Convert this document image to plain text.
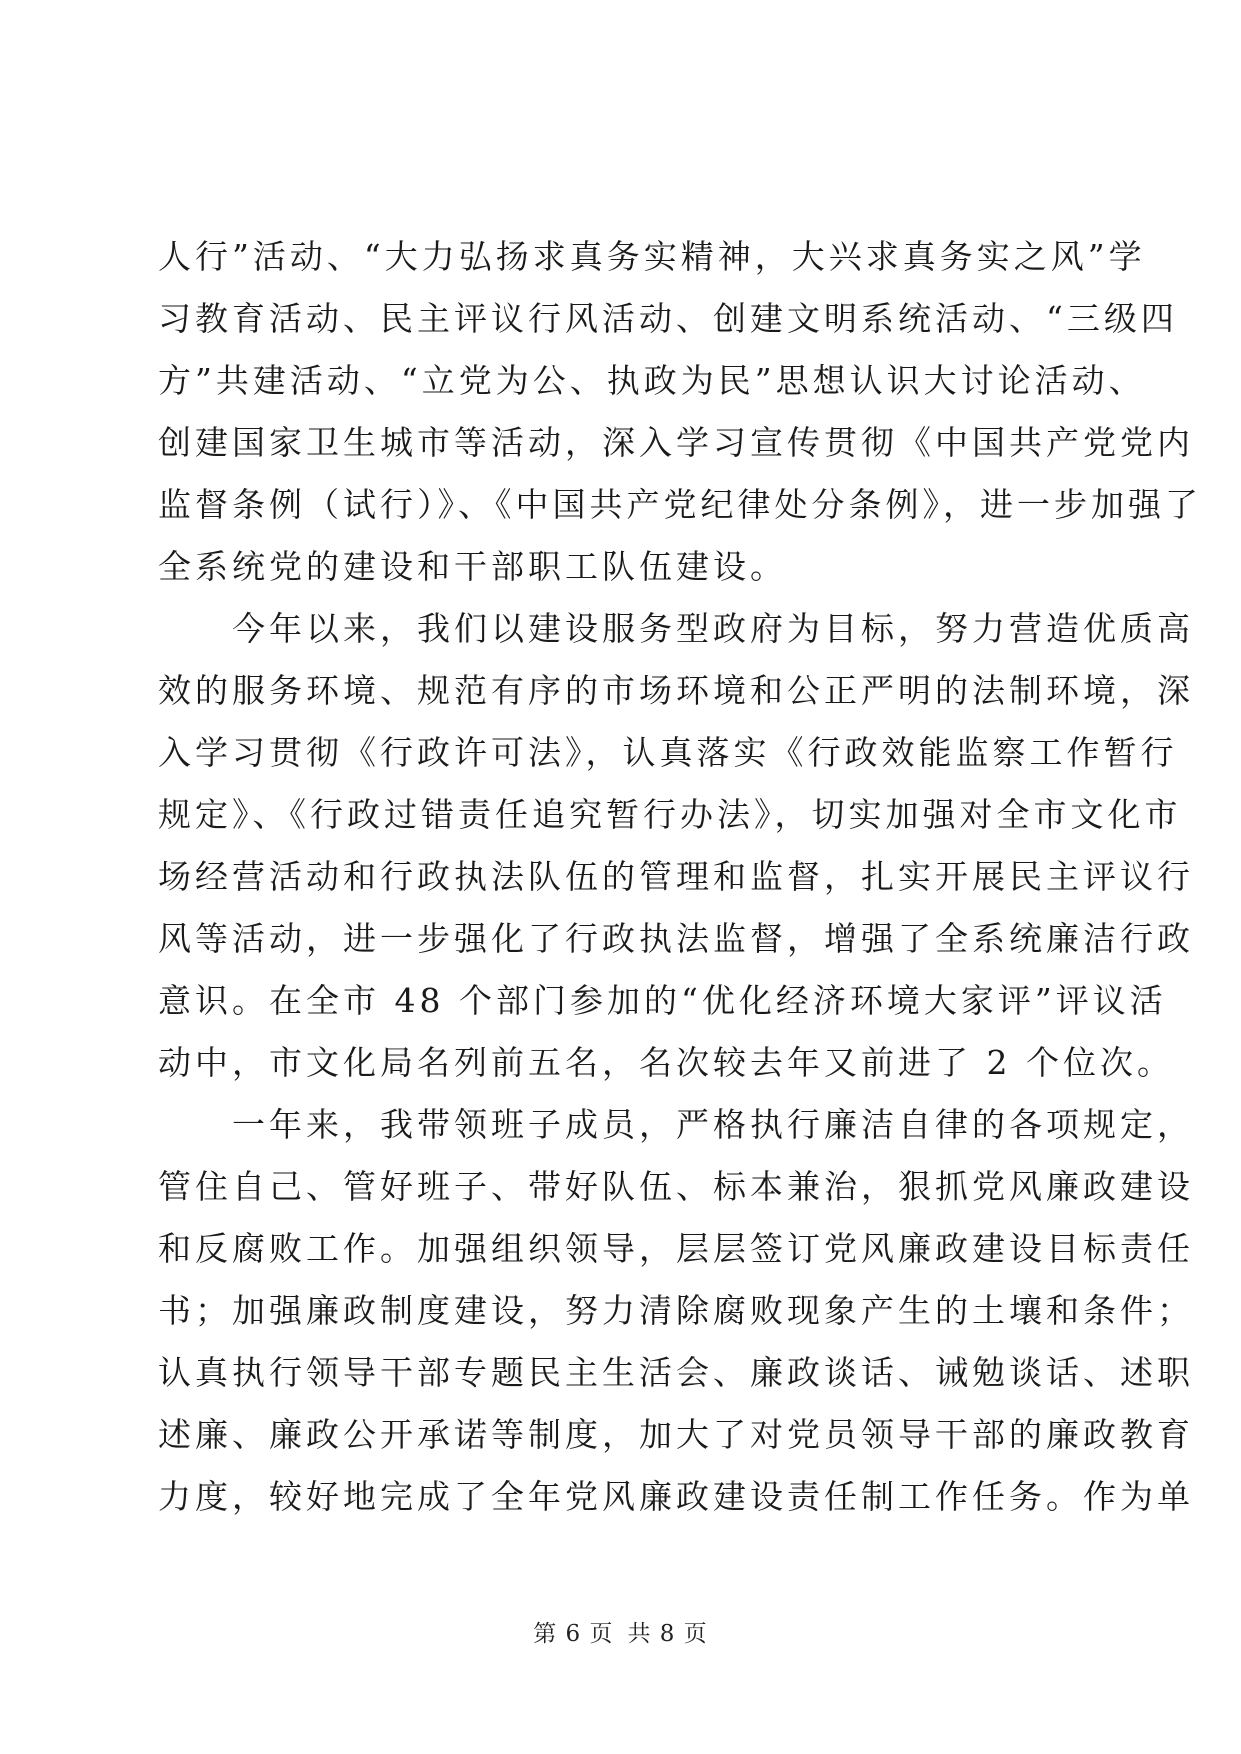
人行”活动、“大力弘扬求真务实精神，大兴求真务实之风”学
习教育活动、民主评议行风活动、创建文明系统活动、“三级四
方”共建活动、“立党为公、执政为民”思想认识大讨论活动、
创建国家卫生城市等活动，深入学习宣传贯彻《中国共产党党内
监督条例（试行）》、《中国共产党纪律处分条例》，进一步加强了
全系统党的建设和干部职工队伍建设。
今年以来，我们以建设服务型政府为目标，努力营造优质高
效的服务环境、规范有序的市场环境和公正严明的法制环境，深
入学习贯彻《行政许可法》，认真落实《行政效能监察工作暂行
规定》、《行政过错责任追究暂行办法》，切实加强对全市文化市
场经营活动和行政执法队伍的管理和监督，扎实开展民主评议行
风等活动，进一步强化了行政执法监督，增强了全系统廉洁行政
意识。在全市 48 个部门参加的“优化经济环境大家评”评议活
动中，市文化局名列前五名，名次较去年又前进了 2 个位次。
一年来，我带领班子成员，严格执行廉洁自律的各项规定，
管住自己、管好班子、带好队伍、标本兼治，狠抓党风廉政建设
和反腐败工作。加强组织领导，层层签订党风廉政建设目标责任
书；加强廉政制度建设，努力清除腐败现象产生的土壤和条件；
认真执行领导干部专题民主生活会、廉政谈话、诫勉谈话、述职
述廉、廉政公开承诺等制度，加大了对党员领导干部的廉政教育
力度，较好地完成了全年党风廉政建设责任制工作任务。作为单
第 6 页 共 8 页
